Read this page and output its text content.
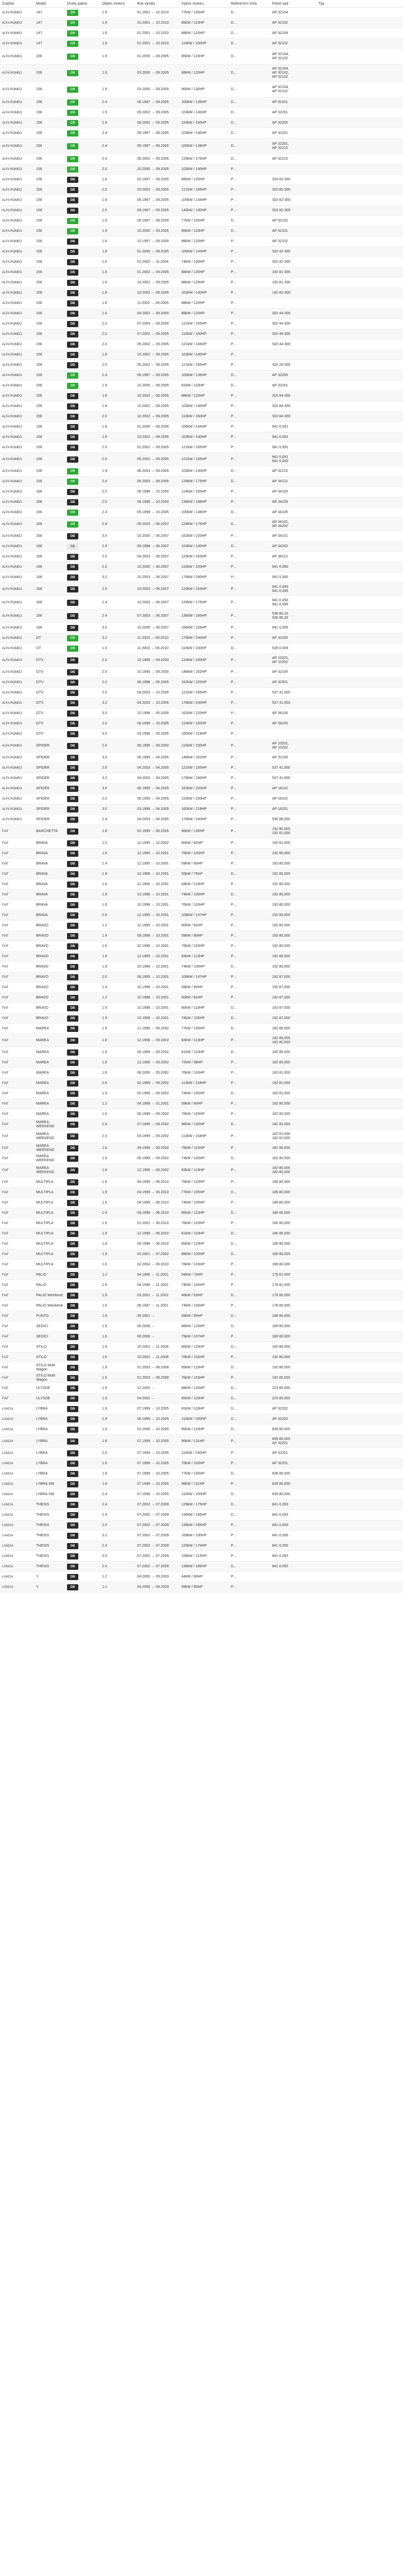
Značka	Model	Druhy paliva	Objem motoru	Rok výroby	Výkon motoru	Referenční číslo	Počet sad	Typ
ALFA ROMEO	147	CR	1.9	01.2001 → 10.2010	77kW / 105HP	D…	AP 32104	
ALFA ROMEO	147	CR	1.9	01.2001 → 10.2010	85kW / 115HP	D…	AP 32102	
ALFA ROMEO	147	CR	1.9	01.2001 → 10.2010	88kW / 120HP	D…	AP 32104	
ALFA ROMEO	147	CR	1.9	01.2001 → 10.2010	110kW / 150HP	D…	AP 32102	
ALFA ROMEO	156	CR	1.9	01.2000 → 09.2005	85kW / 115HP	D…	AP 32104,
AP 32102	
ALFA ROMEO	156	CR	1.9	03.2000 → 09.2005	88kW / 120HP	D…	AP 32104,
AP 32102,
AP 32102	
ALFA ROMEO	156	CR	1.9	03.2000 → 09.2005	96kW / 130HP	D…	AP 32104,
AP 32102	
ALFA ROMEO	156	CR	2.4	09.1997 → 09.2005	100kW / 136HP	D…	AP 32201	
ALFA ROMEO	156	CR	1.9	09.2002 → 09.2005	103kW / 140HP	D…	AP 32201	
ALFA ROMEO	156	CR	2.4	09.2002 → 09.2005	110kW / 150HP	D…	AP 32205	
ALFA ROMEO	156	CR	2.4	09.1997 → 09.2005	103kW / 140HP	D…	AP 32201	
ALFA ROMEO	156	CR	2.4	09.1997 → 09.2005	100kW / 136HP	D…	AP 32201,
AP 32210	
ALFA ROMEO	156	CR	2.4	09.2002 → 09.2005	129kW / 175HP	D…	AP 32210	
ALFA ROMEO	156	CR	2.0	10.2000 → 09.2005	103kW / 140HP	P…		
ALFA ROMEO	156	DB	1.6	02.1997 → 09.2005	88kW / 120HP	P…	SDI 82-300	
ALFA ROMEO	156	DB	2.0	03.2002 → 09.2005	121kW / 165HP	P…	SDI 82-300	
ALFA ROMEO	156	DB	1.8	09.1997 → 09.2005	105kW / 144HP	P…	SDI 82-300	
ALFA ROMEO	156	DB	2.5	09.1997 → 09.2005	140kW / 190HP	P…	SDI 82-300	
ALFA ROMEO	156	CR	1.9	09.1997 → 09.2005	77kW / 105HP	D…	AP 32102	
ALFA ROMEO	156	CR	1.9	10.2000 → 09.2005	85kW / 115HP	D…	AP 32101	
ALFA ROMEO	156	DB	1.6	10.1997 → 09.2005	88kW / 120HP	P…	AP 32102	
ALFA ROMEO	156	DB	1.8	01.2000 → 09.2005	106kW / 144HP	P…	SDI 42-300	
ALFA ROMEO	156	DB	1.6	01.2002 → 11.2004	74kW / 100HP	P…	SDI 42-300	
ALFA ROMEO	156	DB	1.6	01.2002 → 09.2005	88kW / 120HP	P…	192 81-300	
ALFA ROMEO	156	DB	1.6	10.2002 → 09.2005	88kW / 120HP	P…	192 81-300	
ALFA ROMEO	156	DB	1.8	10.2002 → 09.2005	103kW / 140HP	P…	192 82-300	
ALFA ROMEO	156	DB	1.6	11.2002 → 09.2005	88kW / 120HP	P…		
ALFA ROMEO	156	DB	1.6	04.2002 → 09.2005	88kW / 120HP	P…	SDI 44-300	
ALFA ROMEO	156	DB	2.0	07.2004 → 09.2005	121kW / 165HP	P…	SDI 44-300	
ALFA ROMEO	156	DB	2.0	07.2002 → 09.2005	110kW / 150HP	P…	SDI 44-300	
ALFA ROMEO	156	DB	2.0	05.2002 → 09.2005	121kW / 165HP	P…	SDI 44-300	
ALFA ROMEO	156	DB	1.8	10.2002 → 09.2005	103kW / 140HP	P…		
ALFA ROMEO	156	DB	2.0	05.2002 → 09.2005	121kW / 165HP	P…	SDI 20-300	
ALFA ROMEO	156	CR	2.4	09.1997 → 09.2005	100kW / 136HP	D…	AP 32205	
ALFA ROMEO	156	CR	1.9	10.2000 → 09.2005	81kW / 110HP	D…	AP 32201	
ALFA ROMEO	156	DB	1.6	10.2002 → 09.2005	88kW / 120HP	P…	SDI 84-300	
ALFA ROMEO	156	DB	1.8	10.2002 → 09.2005	103kW / 140HP	P…	SDI 84-300	
ALFA ROMEO	156	DB	2.0	10.2002 → 09.2005	110kW / 150HP	P…	SDI 84-300	
ALFA ROMEO	156	DB	1.8	01.2000 → 09.2005	106kW / 144HP	P…	941 0,091	
ALFA ROMEO	156	DB	1.8	10.2002 → 09.2005	103kW / 140HP	P…	941 0,091	
ALFA ROMEO	156	DB	2.0	01.2002 → 09.2005	121kW / 165HP	P…	941 0,091	
ALFA ROMEO	156	DB	2.0	05.2002 → 09.2005	121kW / 165HP	P…	941 0,091
941 0,093	
ALFA ROMEO	156	CR	1.9	06.2003 → 09.2005	103kW / 140HP	D…	AP 32210	
ALFA ROMEO	156	CR	2.4	06.2003 → 09.2005	129kW / 175HP	D…	AP 34121	
ALFA ROMEO	166	DB	2.0	09.1998 → 10.2000	114kW / 155HP	P…	AP 34105	
ALFA ROMEO	166	DB	2.5	09.1998 → 10.2000	138kW / 188HP	P…	AP 34105	
ALFA ROMEO	166	CR	2.4	09.1998 → 10.2005	100kW / 136HP	D…	AP 34105	
ALFA ROMEO	166	CR	2.4	05.2003 → 06.2007	129kW / 175HP	D…	AP 34101,
AP 34202	
ALFA ROMEO	166	DB	3.0	10.2000 → 06.2007	162kW / 220HP	P…	AP 34101	
ALFA ROMEO	166	DB	2.4	09.1998 → 06.2007	103kW / 140HP	D…	AP 34202	
ALFA ROMEO	166	DB	2.0	04.2003 → 06.2007	120kW / 163HP	P…	AP 38113	
ALFA ROMEO	166	DB	2.0	10.2000 → 06.2007	110kW / 150HP	P…	941 0,060	
ALFA ROMEO	166	DB	3.2	10.2003 → 06.2007	176kW / 240HP	P…	941 0,060	
ALFA ROMEO	166	DB	2.0	10.2003 → 06.2007	120kW / 163HP	P…	941 0,093
941 0,095	
ALFA ROMEO	166	DB	2.4	10.2003 → 06.2007	129kW / 175HP	P…	941 0,093
941 0,095	
ALFA ROMEO	166	DB	2.4	07.2003 → 06.2007	136kW / 185HP	P…	536 80,15
536 80,33	
ALFA ROMEO	166	DB	3.0	10.2000 → 06.2007	166kW / 226HP	P…	941 0,005	
ALFA ROMEO	GT	CR	3.2	11.2003 → 09.2010	176kW / 240HP	P…	AP 32205	
ALFA ROMEO	GT	CR	1.9	11.2003 → 09.2010	110kW / 150HP	D…	536 0,009	
ALFA ROMEO	GTV	DB	2.0	10.1995 → 09.2000	110kW / 150HP	P…	AP 10201,
AP 10202	
ALFA ROMEO	GTV	DB	2.0	10.1995 → 09.2000	148kW / 202HP	P…	AP 32105	
ALFA ROMEO	GTV	DB	2.0	06.1998 → 05.2005	162kW / 220HP	P…	AP 32001	
ALFA ROMEO	GTV	DB	2.0	04.2003 → 10.2005	121kW / 165HP	P…	537 41,000	
ALFA ROMEO	GTV	DB	3.2	04.2003 → 10.2005	176kW / 240HP	P…	537 41,000	
ALFA ROMEO	GTV	DB	3.0	10.1998 → 05.2005	162kW / 220HP	P…	AP 38105	
ALFA ROMEO	GTV	DB	2.0	06.1998 → 10.2005	110kW / 150HP	P…	AP 38105	
ALFA ROMEO	GTV	DB	3.0	03.1998 → 05.2005	160kW / 218HP	P…		
ALFA ROMEO	SPIDER	DB	2.0	06.1995 → 09.2000	110kW / 150HP	P…	AP 10201,
AP 10202	
ALFA ROMEO	SPIDER	DB	3.0	06.1995 → 04.2005	148kW / 202HP	P…	AP 32105	
ALFA ROMEO	SPIDER	DB	2.0	04.2003 → 04.2005	121kW / 165HP	P…	537 41,000	
ALFA ROMEO	SPIDER	DB	3.2	04.2003 → 04.2005	176kW / 240HP	P…	537 41,000	
ALFA ROMEO	SPIDER	DB	3.0	06.1995 → 04.2005	162kW / 220HP	P…	AP 18102	
ALFA ROMEO	SPIDER	DB	2.0	06.1995 → 04.2005	110kW / 150HP	P…	AP 18102	
ALFA ROMEO	SPIDER	DB	3.0	03.1998 → 04.2005	160kW / 218HP	P…	AP 18201	
ALFA ROMEO	SPIDER	DB	2.4	04.2003 → 04.2005	176kW / 240HP	P…	536 86,000	
FIAT	BARCHETTA	DB	1.8	02.1995 → 06.2005	96kW / 130HP	P…	192 80,005
192 81,000	
FIAT	BRAVA	DB	1.2	12.1995 → 12.2002	60kW / 82HP	P…	192 81,000	
FIAT	BRAVA	DB	1.6	12.1995 → 10.2001	76kW / 103HP	P…	192 80,000	
FIAT	BRAVA	DB	1.4	12.1995 → 10.2001	59kW / 80HP	P…	192 80,000	
FIAT	BRAVA	DB	1.9	10.1996 → 10.2001	55kW / 75HP	D…	192 80,000	
FIAT	BRAVA	DB	1.8	12.1995 → 10.2001	83kW / 113HP	P…	192 80,000	
FIAT	BRAVA	DB	1.9	10.1996 → 10.2001	74kW / 100HP	D…	192 80,000	
FIAT	BRAVA	DB	1.6	10.1998 → 10.2001	76kW / 103HP	P…	192 80,000	
FIAT	BRAVA	DB	2.0	12.1995 → 10.2001	108kW / 147HP	P…	192 80,000	
FIAT	BRAVO	DB	1.2	12.1995 → 10.2001	60kW / 82HP	P…	192 80,000	
FIAT	BRAVO	DB	1.4	09.1998 → 10.2001	59kW / 80HP	P…	192 80,000	
FIAT	BRAVO	DB	1.6	02.1996 → 10.2001	76kW / 103HP	P…	192 80,000	
FIAT	BRAVO	DB	1.8	12.1995 → 10.2001	83kW / 113HP	P…	192 80,000	
FIAT	BRAVO	DB	1.9	02.1996 → 10.2001	74kW / 100HP	D…	192 80,000	
FIAT	BRAVO	DB	2.0	06.1995 → 10.2001	108kW / 147HP	P…	192 87,000	
FIAT	BRAVO	DB	1.4	10.1998 → 10.2001	59kW / 80HP	P…	192 87,000	
FIAT	BRAVO	DB	1.2	10.1998 → 10.2001	60kW / 82HP	P…	192 87,000	
FIAT	BRAVO	DB	1.9	10.1998 → 10.2001	85kW / 115HP	D…	192 87,000	
FIAT	BRAVO	DB	1.9	10.1998 → 10.2001	74kW / 100HP	D…	192 87,000	
FIAT	MAREA	DB	1.9	12.1996 → 09.2002	77kW / 105HP	D…	182 80,000	
FIAT	MAREA	DB	1.8	12.1996 → 09.2002	83kW / 113HP	P…	182 80,005
182 80,000	
FIAT	MAREA	DB	1.9	06.1999 → 09.2002	81kW / 110HP	D…	182 80,000	
FIAT	MAREA	DB	1.6	12.1996 → 09.2002	72kW / 98HP	P…	182 80,000	
FIAT	MAREA	DB	1.6	06.2000 → 05.2002	76kW / 103HP	P…	182 81,000	
FIAT	MAREA	DB	2.0	02.1999 → 09.2002	113kW / 154HP	P…	182 81,000	
FIAT	MAREA	DB	1.9	02.1999 → 09.2002	74kW / 100HP	D…	182 81,000	
FIAT	MAREA	DB	1.2	04.1999 → 01.2001	59kW / 80HP	P…	182 80,000	
FIAT	MAREA	DB	1.6	06.1999 → 09.2002	76kW / 103HP	P…	182 80,000	
FIAT	MAREA WEEKEND	DB	2.4	07.1996 → 09.2002	96kW / 130HP	D…	182 82,000	
FIAT	MAREA WEEKEND	DB	2.0	03.1999 → 09.2002	113kW / 154HP	P…	182 81,000
182 82,000	
FIAT	MAREA WEEKEND	DB	1.6	09.1998 → 09.2002	76kW / 103HP	P…	182 80,000	
FIAT	MAREA WEEKEND	DB	1.9	06.1999 → 09.2002	74kW / 100HP	D…	182 80,000	
FIAT	MAREA WEEKEND	DB	1.8	12.1996 → 09.2002	83kW / 113HP	P…	182 80,005
182 80,000	
FIAT	MULTIPLA	DB	1.6	04.1999 → 06.2010	76kW / 103HP	P…	186 80,000	
FIAT	MULTIPLA	DB	1.9	04.1999 → 06.2010	77kW / 105HP	D…	186 80,000	
FIAT	MULTIPLA	DB	1.6	04.1999 → 06.2010	74kW / 100HP	P…	186 80,000	
FIAT	MULTIPLA	DB	1.9	04.1999 → 06.2010	85kW / 115HP	D…	186 80,000	
FIAT	MULTIPLA	DB	1.6	01.2001 → 06.2010	76kW / 103HP	P…	186 80,000	
FIAT	MULTIPLA	DB	1.9	12.1999 → 06.2010	81kW / 110HP	D…	186 80,000	
FIAT	MULTIPLA	DB	1.9	09.1998 → 06.2010	85kW / 115HP	D…	186 80,000	
FIAT	MULTIPLA	DB	1.9	03.2001 → 07.2002	88kW / 120HP	D…	186 80,000	
FIAT	MULTIPLA	DB	1.6	02.2004 → 06.2010	76kW / 103HP	P…	186 80,000	
FIAT	PALIO	DB	1.2	04.1996 → 11.2001	54kW / 73HP	P…	178 81,000	
FIAT	PALIO	DB	1.6	04.1996 → 11.2001	74kW / 100HP	P…	178 81,000	
FIAT	PALIO Weekend	DB	1.9	03.2001 → 11.2001	46kW / 63HP	D…	178 80,000	
FIAT	PALIO Weekend	DB	1.6	09.1997 → 11.2001	74kW / 100HP	P…	178 80,000	
FIAT	PUNTO	DB	1.9	09.2001 →	59kW / 80HP	D…	188 80,000	
FIAT	SEDICI	DB	1.9	06.2006 →	88kW / 120HP	D…	189 80,000	
FIAT	SEDICI	DB	1.6	06.2006 →	79kW / 107HP	P…	189 80,000	
FIAT	STILO	DB	1.9	10.2001 → 11.2008	85kW / 115HP	D…	192 80,000	
FIAT	STILO	DB	1.6	10.2001 → 11.2008	76kW / 103HP	P…	192 80,000	
FIAT	STILO Multi Wagon	DB	1.9	01.2003 → 08.2008	85kW / 115HP	D…	192 80,000	
FIAT	STILO Multi Wagon	DB	1.6	01.2003 → 08.2008	76kW / 103HP	P…	192 80,000	
FIAT	ULYSSE	DB	1.9	12.2002 →	88kW / 120HP	D…	223 80,000	
FIAT	ULYSSE	DB	1.9	04.2002 →	85kW / 115HP	D…	223 80,000	
LANCIA	LYBRA	DB	1.9	07.1999 → 10.2005	81kW / 110HP	D…	AP 32202	
LANCIA	LYBRA	DB	2.4	06.1999 → 10.2005	110kW / 150HP	D…	AP 32202	
LANCIA	LYBRA	DB	1.9	02.2000 → 10.2005	85kW / 115HP	D…	839 80,000	
LANCIA	LYBRA	DB	1.8	07.1999 → 10.2005	96kW / 131HP	P…	839 80,005
AP 32201	
LANCIA	LYBRA	DB	2.0	07.1999 → 10.2005	110kW / 150HP	P…	AP 32201	
LANCIA	LYBRA	DB	1.6	07.1999 → 10.2005	76kW / 103HP	P…	AP 32201	
LANCIA	LYBRA	DB	1.9	07.1999 → 10.2005	77kW / 105HP	D…	839 80,000	
LANCIA	LYBRA SW	DB	1.8	07.1999 → 10.2005	96kW / 131HP	P…	839 80,000	
LANCIA	LYBRA SW	DB	2.4	07.1999 → 10.2005	110kW / 150HP	D…	839 80,000	
LANCIA	THESIS	DB	2.4	07.2002 → 07.2009	129kW / 175HP	D…	841 0,093	
LANCIA	THESIS	DB	2.4	07.2002 → 07.2009	136kW / 185HP	D…	841 0,093	
LANCIA	THESIS	DB	2.0	07.2002 → 07.2009	136kW / 185HP	P…	841 0,093	
LANCIA	THESIS	DB	3.2	07.2002 → 07.2009	169kW / 230HP	P…	841 0,093	
LANCIA	THESIS	DB	2.4	07.2002 → 07.2009	125kW / 170HP	P…	841 0,093	
LANCIA	THESIS	DB	3.0	07.2002 → 07.2009	158kW / 215HP	P…	841 0,093	
LANCIA	THESIS	DB	2.4	07.2002 → 07.2009	136kW / 185HP	D…	841 0,093	
LANCIA	Y	DB	1.2	04.2000 → 09.2003	44kW / 60HP	P…		
LANCIA	Y	DB	1.2	04.2000 → 09.2003	59kW / 80HP	P…		
